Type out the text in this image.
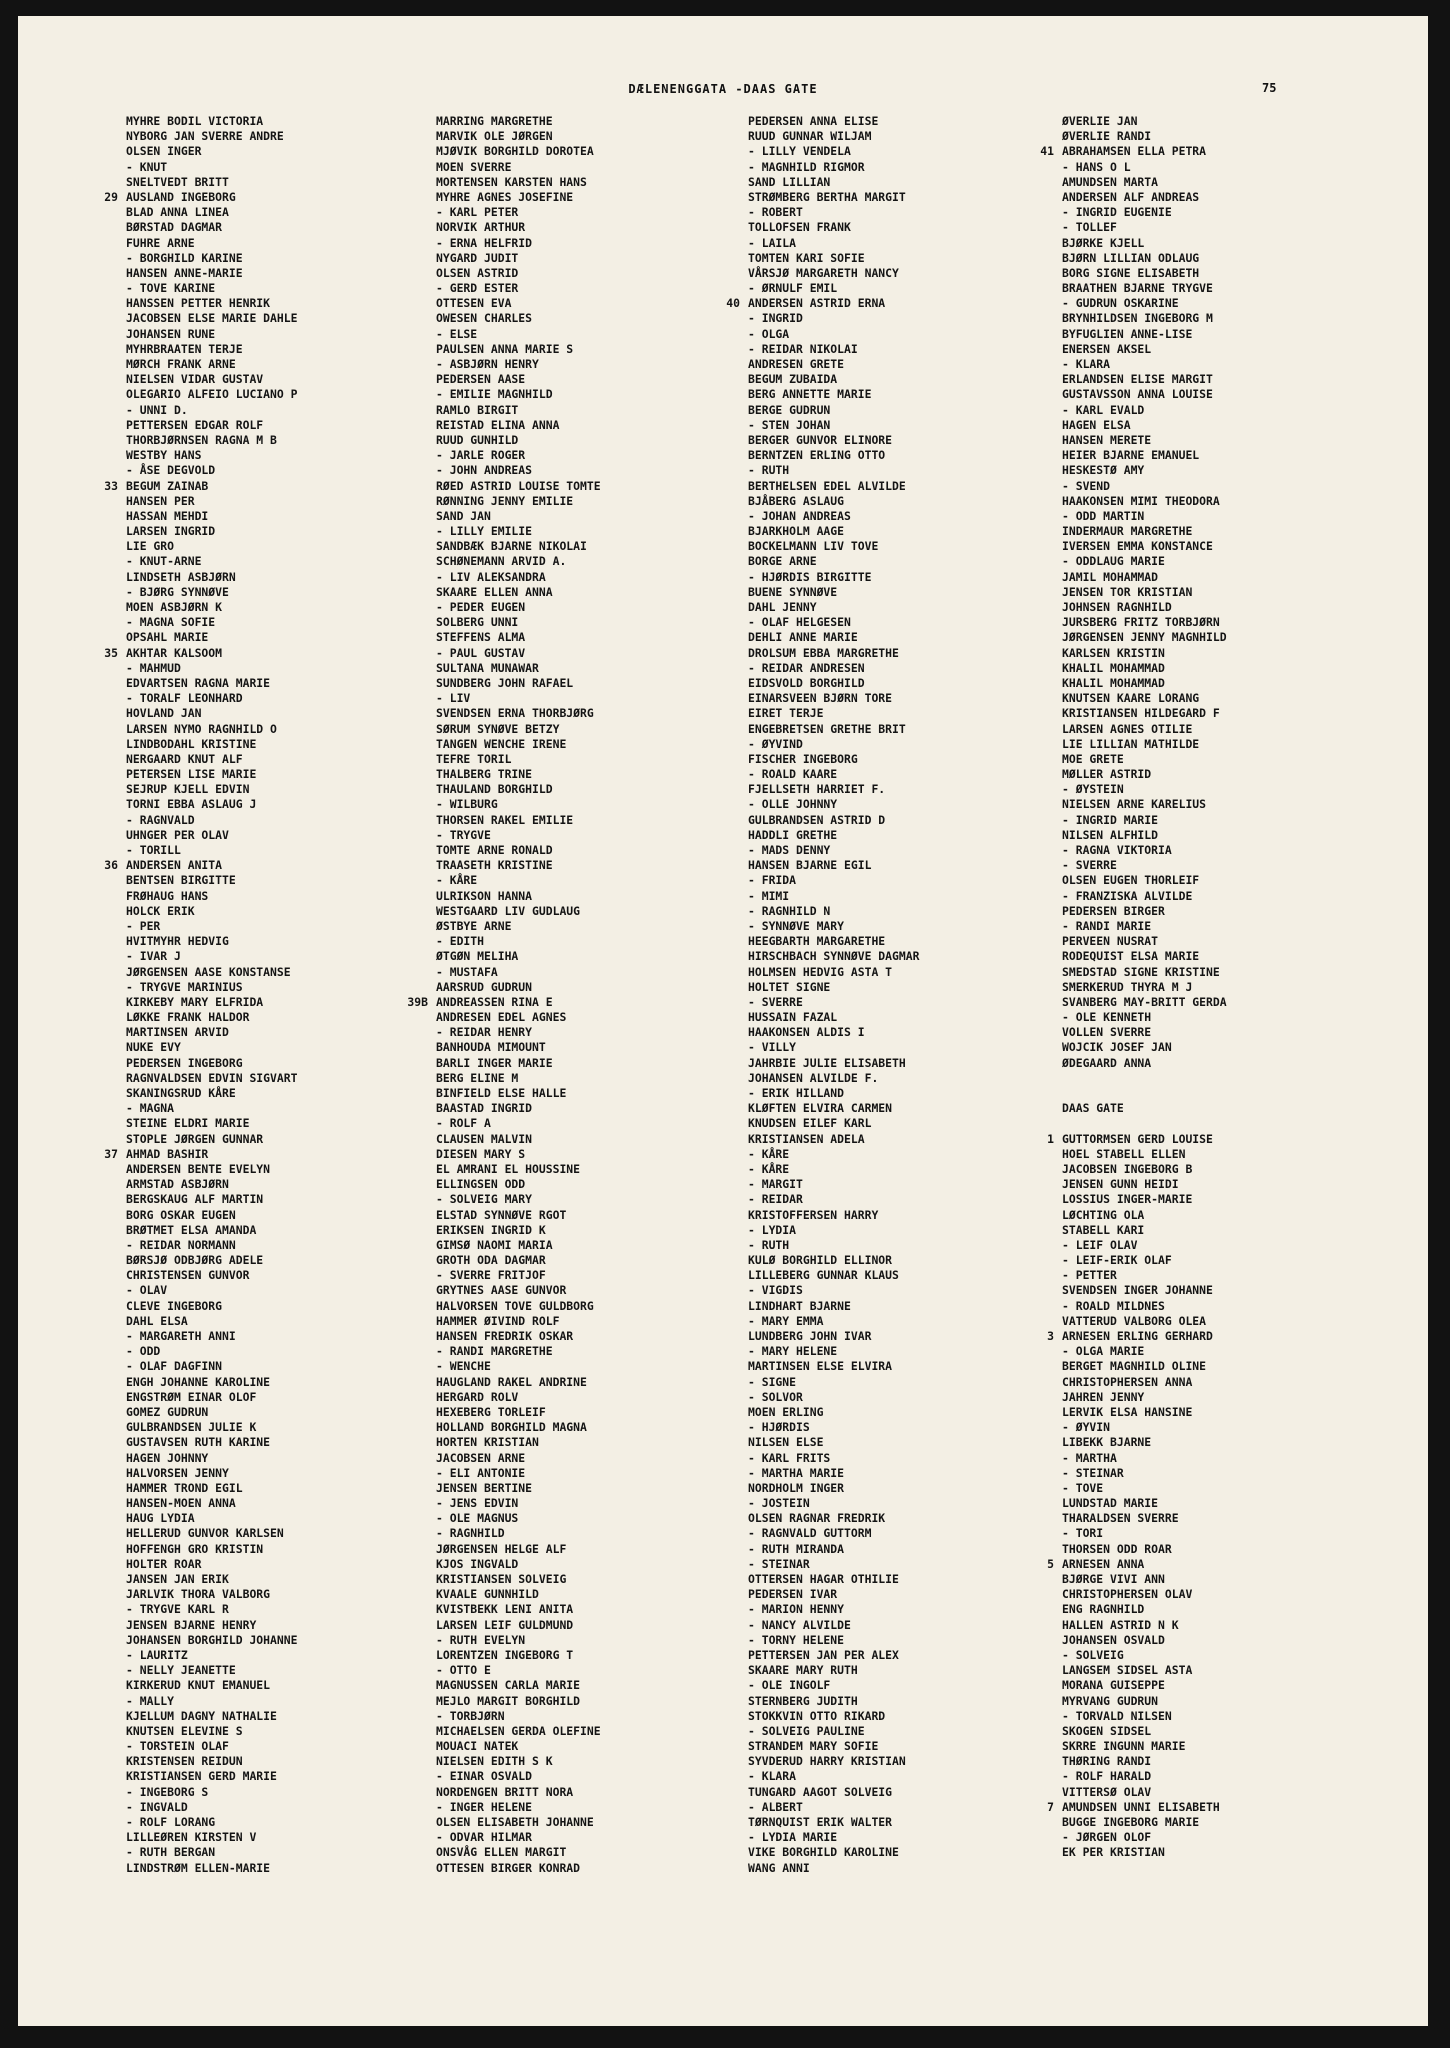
DÆLENENGGATA -DAAS GATE	75
MYHRE BODIL VICTORIA
NYBORG JAN SVERRE ANDRE
OLSEN INGER
- KNUT
SNELTVEDT BRITT
29 AUSLAND INGEBORG
BLAD ANNA LINEA
BØRSTAD DAGMAR
FUHRE ARNE
- BORGHILD KARINE
HANSEN ANNE-MARIE
- TOVE KARINE
HANSSEN PETTER HENRIK
JACOBSEN ELSE MARIE DAHLE
JOHANSEN RUNE
MYHRBRAATEN TERJE
MØRCH FRANK ARNE
NIELSEN VIDAR GUSTAV
OLEGARIO ALFEIO LUCIANO P
- UNNI D.
PETTERSEN EDGAR ROLF
THORBJØRNSEN RAGNA M B
WESTBY HANS
- ÅSE DEGVOLD
33 BEGUM ZAINAB
HANSEN PER
HASSAN MEHDI
LARSEN INGRID
LIE GRO
- KNUT-ARNE
LINDSETH ASBJØRN
- BJØRG SYNNØVE
MOEN ASBJØRN K
- MAGNA SOFIE
OPSAHL MARIE
35 AKHTAR KALSOOM
- MAHMUD
EDVARTSEN RAGNA MARIE
- TORALF LEONHARD
HOVLAND JAN
LARSEN NYMO RAGNHILD O
LINDBODAHL KRISTINE
NERGAARD KNUT ALF
PETERSEN LISE MARIE
SEJRUP KJELL EDVIN
TORNI EBBA ASLAUG J
- RAGNVALD
UHNGER PER OLAV
- TORILL
36 ANDERSEN ANITA
BENTSEN BIRGITTE
FRØHAUG HANS
HOLCK ERIK
- PER
HVITMYHR HEDVIG
- IVAR J
JØRGENSEN AASE KONSTANSE
- TRYGVE MARINIUS
KIRKEBY MARY ELFRIDA
LØKKE FRANK HALDOR
MARTINSEN ARVID
NUKE EVY
PEDERSEN INGEBORG
RAGNVALDSEN EDVIN SIGVART
SKANINGSRUD KÅRE
- MAGNA
STEINE ELDRI MARIE
STOPLE JØRGEN GUNNAR
37 AHMAD BASHIR
ANDERSEN BENTE EVELYN
ARMSTAD ASBJØRN
BERGSKAUG ALF MARTIN
BORG OSKAR EUGEN
BRØTMET ELSA AMANDA
- REIDAR NORMANN
BØRSJØ ODBJØRG ADELE
CHRISTENSEN GUNVOR
- OLAV
CLEVE INGEBORG
DAHL ELSA
- MARGARETH ANNI
- ODD
- OLAF DAGFINN
ENGH JOHANNE KAROLINE
ENGSTRØM EINAR OLOF
GOMEZ GUDRUN
GULBRANDSEN JULIE K
GUSTAVSEN RUTH KARINE
HAGEN JOHNNY
HALVORSEN JENNY
HAMMER TROND EGIL
HANSEN-MOEN ANNA
HAUG LYDIA
HELLERUD GUNVOR KARLSEN
HOFFENGH GRO KRISTIN
HOLTER ROAR
JANSEN JAN ERIK
JARLVIK THORA VALBORG
- TRYGVE KARL R
JENSEN BJARNE HENRY
JOHANSEN BORGHILD JOHANNE
- LAURITZ
- NELLY JEANETTE
KIRKERUD KNUT EMANUEL
- MALLY
KJELLUM DAGNY NATHALIE
KNUTSEN ELEVINE S
- TORSTEIN OLAF
KRISTENSEN REIDUN
KRISTIANSEN GERD MARIE
- INGEBORG S
- INGVALD
- ROLF LORANG
LILLEØREN KIRSTEN V
- RUTH BERGAN
LINDSTRØM ELLEN-MARIE
MARRING MARGRETHE
MARVIK OLE JØRGEN
MJØVIK BORGHILD DOROTEA
MOEN SVERRE
MORTENSEN KARSTEN HANS
MYHRE AGNES JOSEFINE
- KARL PETER
NORVIK ARTHUR
- ERNA HELFRID
NYGARD JUDIT
OLSEN ASTRID
- GERD ESTER
OTTESEN EVA
OWESEN CHARLES
- ELSE
PAULSEN ANNA MARIE S
- ASBJØRN HENRY
PEDERSEN AASE
- EMILIE MAGNHILD
RAMLO BIRGIT
REISTAD ELINA ANNA
RUUD GUNHILD
- JARLE ROGER
- JOHN ANDREAS
RØED ASTRID LOUISE TOMTE
RØNNING JENNY EMILIE
SAND JAN
- LILLY EMILIE
SANDBÆK BJARNE NIKOLAI
SCHØNEMANN ARVID A.
- LIV ALEKSANDRA
SKAARE ELLEN ANNA
- PEDER EUGEN
SOLBERG UNNI
STEFFENS ALMA
- PAUL GUSTAV
SULTANA MUNAWAR
SUNDBERG JOHN RAFAEL
- LIV
SVENDSEN ERNA THORBJØRG
SØRUM SYNØVE BETZY
TANGEN WENCHE IRENE
TEFRE TORIL
THALBERG TRINE
THAULAND BORGHILD
- WILBURG
THORSEN RAKEL EMILIE
- TRYGVE
TOMTE ARNE RONALD
TRAASETH KRISTINE
- KÅRE
ULRIKSON HANNA
WESTGAARD LIV GUDLAUG
ØSTBYE ARNE
- EDITH
ØTGØN MELIHA
- MUSTAFA
AARSRUD GUDRUN
39B ANDREASSEN RINA E
ANDRESEN EDEL AGNES
- REIDAR HENRY
BANHOUDA MIMOUNT
BARLI INGER MARIE
BERG ELINE M
BINFIELD ELSE HALLE
BAASTAD INGRID
- ROLF A
CLAUSEN MALVIN
DIESEN MARY S
EL AMRANI EL HOUSSINE
ELLINGSEN ODD
- SOLVEIG MARY
ELSTAD SYNNØVE RGOT
ERIKSEN INGRID K
GIMSØ NAOMI MARIA
GROTH ODA DAGMAR
- SVERRE FRITJOF
GRYTNES AASE GUNVOR
HALVORSEN TOVE GULDBORG
HAMMER ØIVIND ROLF
HANSEN FREDRIK OSKAR
- RANDI MARGRETHE
- WENCHE
HAUGLAND RAKEL ANDRINE
HERGARD ROLV
HEXEBERG TORLEIF
HOLLAND BORGHILD MAGNA
HORTEN KRISTIAN
JACOBSEN ARNE
- ELI ANTONIE
JENSEN BERTINE
- JENS EDVIN
- OLE MAGNUS
- RAGNHILD
JØRGENSEN HELGE ALF
KJOS INGVALD
KRISTIANSEN SOLVEIG
KVAALE GUNNHILD
KVISTBEKK LENI ANITA
LARSEN LEIF GULDMUND
- RUTH EVELYN
LORENTZEN INGEBORG T
- OTTO E
MAGNUSSEN CARLA MARIE
MEJLO MARGIT BORGHILD
- TORBJØRN
MICHAELSEN GERDA OLEFINE
MOUACI NATEK
NIELSEN EDITH S K
- EINAR OSVALD
NORDENGEN BRITT NORA
- INGER HELENE
OLSEN ELISABETH JOHANNE
- ODVAR HILMAR
ONSVÅG ELLEN MARGIT
OTTESEN BIRGER KONRAD
PEDERSEN ANNA ELISE
RUUD GUNNAR WILJAM
- LILLY VENDELA
- MAGNHILD RIGMOR
SAND LILLIAN
STRØMBERG BERTHA MARGIT
- ROBERT
TOLLOFSEN FRANK
- LAILA
TOMTEN KARI SOFIE
VÅRSJØ MARGARETH NANCY
- ØRNULF EMIL
40 ANDERSEN ASTRID ERNA
- INGRID
- OLGA
- REIDAR NIKOLAI
ANDRESEN GRETE
BEGUM ZUBAIDA
BERG ANNETTE MARIE
BERGE GUDRUN
- STEN JOHAN
BERGER GUNVOR ELINORE
BERNTZEN ERLING OTTO
- RUTH
BERTHELSEN EDEL ALVILDE
BJÅBERG ASLAUG
- JOHAN ANDREAS
BJARKHOLM AAGE
BOCKELMANN LIV TOVE
BORGE ARNE
- HJØRDIS BIRGITTE
BUENE SYNNØVE
DAHL JENNY
- OLAF HELGESEN
DEHLI ANNE MARIE
DROLSUM EBBA MARGRETHE
- REIDAR ANDRESEN
EIDSVOLD BORGHILD
EINARSVEEN BJØRN TORE
EIRET TERJE
ENGEBRETSEN GRETHE BRIT
- ØYVIND
FISCHER INGEBORG
- ROALD KAARE
FJELLSETH HARRIET F.
- OLLE JOHNNY
GULBRANDSEN ASTRID D
HADDLI GRETHE
- MADS DENNY
HANSEN BJARNE EGIL
- FRIDA
- MIMI
- RAGNHILD N
- SYNNØVE MARY
HEEGBARTH MARGARETHE
HIRSCHBACH SYNNØVE DAGMAR
HOLMSEN HEDVIG ASTA T
HOLTET SIGNE
- SVERRE
HUSSAIN FAZAL
HAAKONSEN ALDIS I
- VILLY
JAHRBIE JULIE ELISABETH
JOHANSEN ALVILDE F.
- ERIK HILLAND
KLØFTEN ELVIRA CARMEN
KNUDSEN EILEF KARL
KRISTIANSEN ADELA
- KÅRE
- KÅRE
- MARGIT
- REIDAR
KRISTOFFERSEN HARRY
- LYDIA
- RUTH
KULØ BORGHILD ELLINOR
LILLEBERG GUNNAR KLAUS
- VIGDIS
LINDHART BJARNE
- MARY EMMA
LUNDBERG JOHN IVAR
- MARY HELENE
MARTINSEN ELSE ELVIRA
- SIGNE
- SOLVOR
MOEN ERLING
- HJØRDIS
NILSEN ELSE
- KARL FRITS
- MARTHA MARIE
NORDHOLM INGER
- JOSTEIN
OLSEN RAGNAR FREDRIK
- RAGNVALD GUTTORM
- RUTH MIRANDA
- STEINAR
OTTERSEN HAGAR OTHILIE
PEDERSEN IVAR
- MARION HENNY
- NANCY ALVILDE
- TORNY HELENE
PETTERSEN JAN PER ALEX
SKAARE MARY RUTH
- OLE INGOLF
STERNBERG JUDITH
STOKKVIN OTTO RIKARD
- SOLVEIG PAULINE
STRANDEM MARY SOFIE
SYVDERUD HARRY KRISTIAN
- KLARA
TUNGARD AAGOT SOLVEIG
- ALBERT
TØRNQUIST ERIK WALTER
- LYDIA MARIE
VIKE BORGHILD KAROLINE
WANG ANNI
ØVERLIE JAN
ØVERLIE RANDI
41 ABRAHAMSEN ELLA PETRA
- HANS O L
AMUNDSEN MARTA
ANDERSEN ALF ANDREAS
- INGRID EUGENIE
- TOLLEF
BJØRKE KJELL
BJØRN LILLIAN ODLAUG
BORG SIGNE ELISABETH
BRAATHEN BJARNE TRYGVE
- GUDRUN OSKARINE
BRYNHILDSEN INGEBORG M
BYFUGLIEN ANNE-LISE
ENERSEN AKSEL
- KLARA
ERLANDSEN ELISE MARGIT
GUSTAVSSON ANNA LOUISE
- KARL EVALD
HAGEN ELSA
HANSEN MERETE
HEIER BJARNE EMANUEL
HESKESTØ AMY
- SVEND
HAAKONSEN MIMI THEODORA
- ODD MARTIN
INDERMAUR MARGRETHE
IVERSEN EMMA KONSTANCE
- ODDLAUG MARIE
JAMIL MOHAMMAD
JENSEN TOR KRISTIAN
JOHNSEN RAGNHILD
JURSBERG FRITZ TORBJØRN
JØRGENSEN JENNY MAGNHILD
KARLSEN KRISTIN
KHALIL MOHAMMAD
KHALIL MOHAMMAD
KNUTSEN KAARE LORANG
KRISTIANSEN HILDEGARD F
LARSEN AGNES OTILIE
LIE LILLIAN MATHILDE
MOE GRETE
MØLLER ASTRID
- ØYSTEIN
NIELSEN ARNE KARELIUS
- INGRID MARIE
NILSEN ALFHILD
- RAGNA VIKTORIA
- SVERRE
OLSEN EUGEN THORLEIF
- FRANZISKA ALVILDE
PEDERSEN BIRGER
- RANDI MARIE
PERVEEN NUSRAT
RODEQUIST ELSA MARIE
SMEDSTAD SIGNE KRISTINE
SMERKERUD THYRA M J
SVANBERG MAY-BRITT GERDA
- OLE KENNETH
VOLLEN SVERRE
WOJCIK JOSEF JAN
ØDEGAARD ANNA
DAAS GATE
1 GUTTORMSEN GERD LOUISE
HOEL STABELL ELLEN
JACOBSEN INGEBORG B
JENSEN GUNN HEIDI
LOSSIUS INGER-MARIE
LØCHTING OLA
STABELL KARI
- LEIF OLAV
- LEIF-ERIK OLAF
- PETTER
SVENDSEN INGER JOHANNE
- ROALD MILDNES
VATTERUD VALBORG OLEA
3 ARNESEN ERLING GERHARD
- OLGA MARIE
BERGET MAGNHILD OLINE
CHRISTOPHERSEN ANNA
JAHREN JENNY
LERVIK ELSA HANSINE
- ØYVIN
LIBEKK BJARNE
- MARTHA
- STEINAR
- TOVE
LUNDSTAD MARIE
THARALDSEN SVERRE
- TORI
THORSEN ODD ROAR
5 ARNESEN ANNA
BJØRGE VIVI ANN
CHRISTOPHERSEN OLAV
ENG RAGNHILD
HALLEN ASTRID N K
JOHANSEN OSVALD
- SOLVEIG
LANGSEM SIDSEL ASTA
MORANA GUISEPPE
MYRVANG GUDRUN
- TORVALD NILSEN
SKOGEN SIDSEL
SKRRE INGUNN MARIE
THØRING RANDI
- ROLF HARALD
VITTERSØ OLAV
7 AMUNDSEN UNNI ELISABETH
BUGGE INGEBORG MARIE
- JØRGEN OLOF
EK PER KRISTIAN
